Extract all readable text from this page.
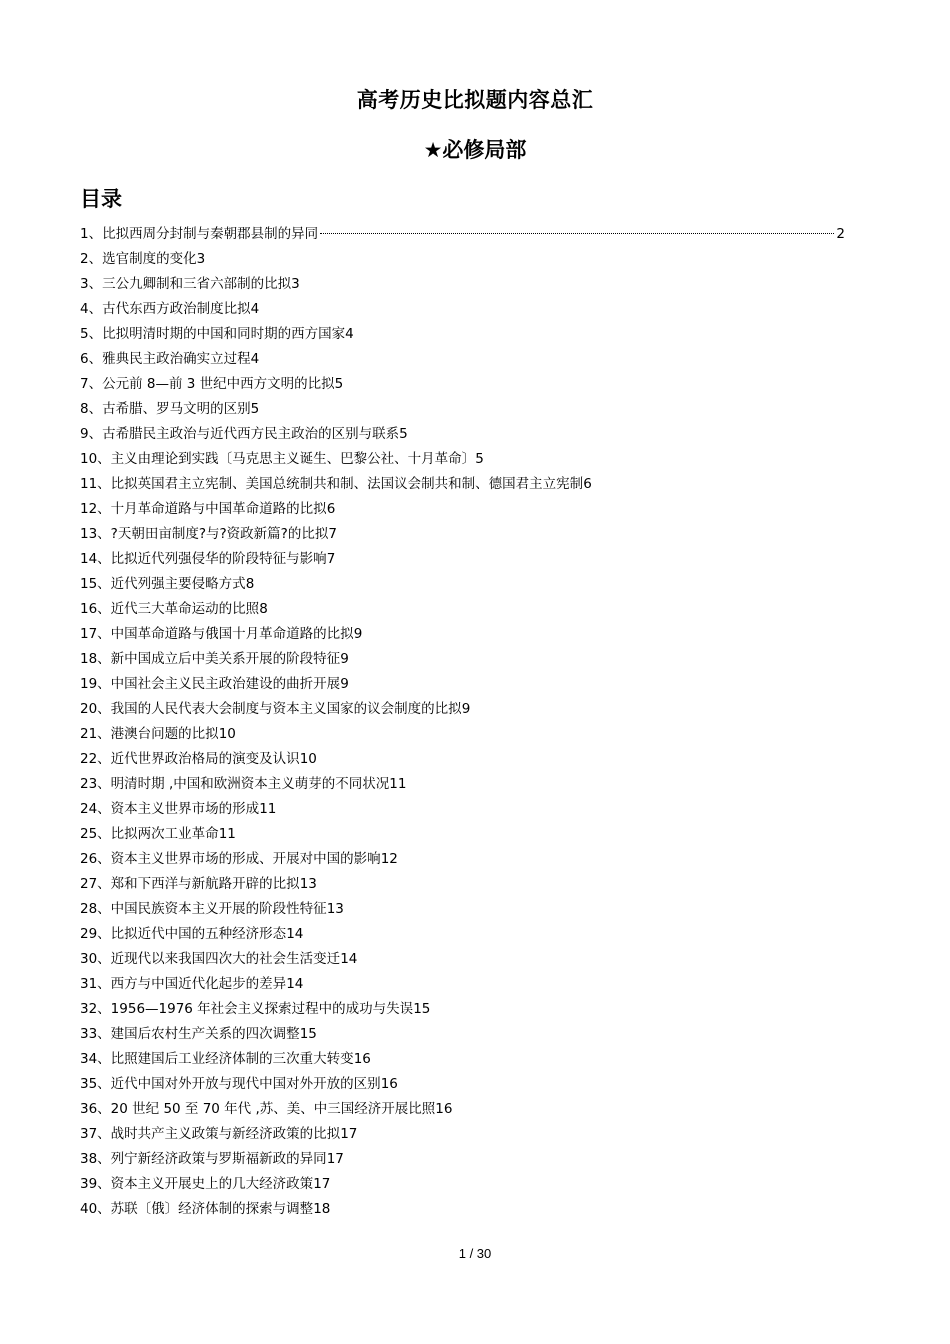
高考历史比拟题内容总汇
★必修局部
目录
1、比拟西周分封制与秦朝郡县制的异同	2
2、选官制度的变化 3
3、三公九卿制和三省六部制的比拟 3
4、古代东西方政治制度比拟 4
5、比拟明清时期的中国和同时期的西方国家 4
6、雅典民主政治确实立过程 4
7、公元前 8—前 3 世纪中西方文明的比拟 5
8、古希腊、罗马文明的区别 5
9、古希腊民主政治与近代西方民主政治的区别与联系 5
10、主义由理论到实践〔马克思主义诞生、巴黎公社、十月革命〕 5
11、比拟英国君主立宪制、美国总统制共和制、法国议会制共和制、德国君主立宪制 6
12、十月革命道路与中国革命道路的比拟 6
13、?天朝田亩制度?与?资政新篇?的比拟 7
14、比拟近代列强侵华的阶段特征与影响 7
15、近代列强主要侵略方式 8
16、近代三大革命运动的比照 8
17、中国革命道路与俄国十月革命道路的比拟 9
18、新中国成立后中美关系开展的阶段特征 9
19、中国社会主义民主政治建设的曲折开展 9
20、我国的人民代表大会制度与资本主义国家的议会制度的比拟 9
21、港澳台问题的比拟 10
22、近代世界政治格局的演变及认识 10
23、明清时期 ,中国和欧洲资本主义萌芽的不同状况 11
24、资本主义世界市场的形成 11
25、比拟两次工业革命 11
26、资本主义世界市场的形成、开展对中国的影响 12
27、郑和下西洋与新航路开辟的比拟 13
28、中国民族资本主义开展的阶段性特征 13
29、比拟近代中国的五种经济形态 14
30、近现代以来我国四次大的社会生活变迁 14
31、西方与中国近代化起步的差异 14
32、1956—1976 年社会主义探索过程中的成功与失误 15
33、建国后农村生产关系的四次调整 15
34、比照建国后工业经济体制的三次重大转变 16
35、近代中国对外开放与现代中国对外开放的区别 16
36、20 世纪 50 至 70 年代 ,苏、美、中三国经济开展比照 16
37、战时共产主义政策与新经济政策的比拟 17
38、列宁新经济政策与罗斯福新政的异同 17
39、资本主义开展史上的几大经济政策 17
40、苏联〔俄〕经济体制的探索与调整 18
1 / 30
